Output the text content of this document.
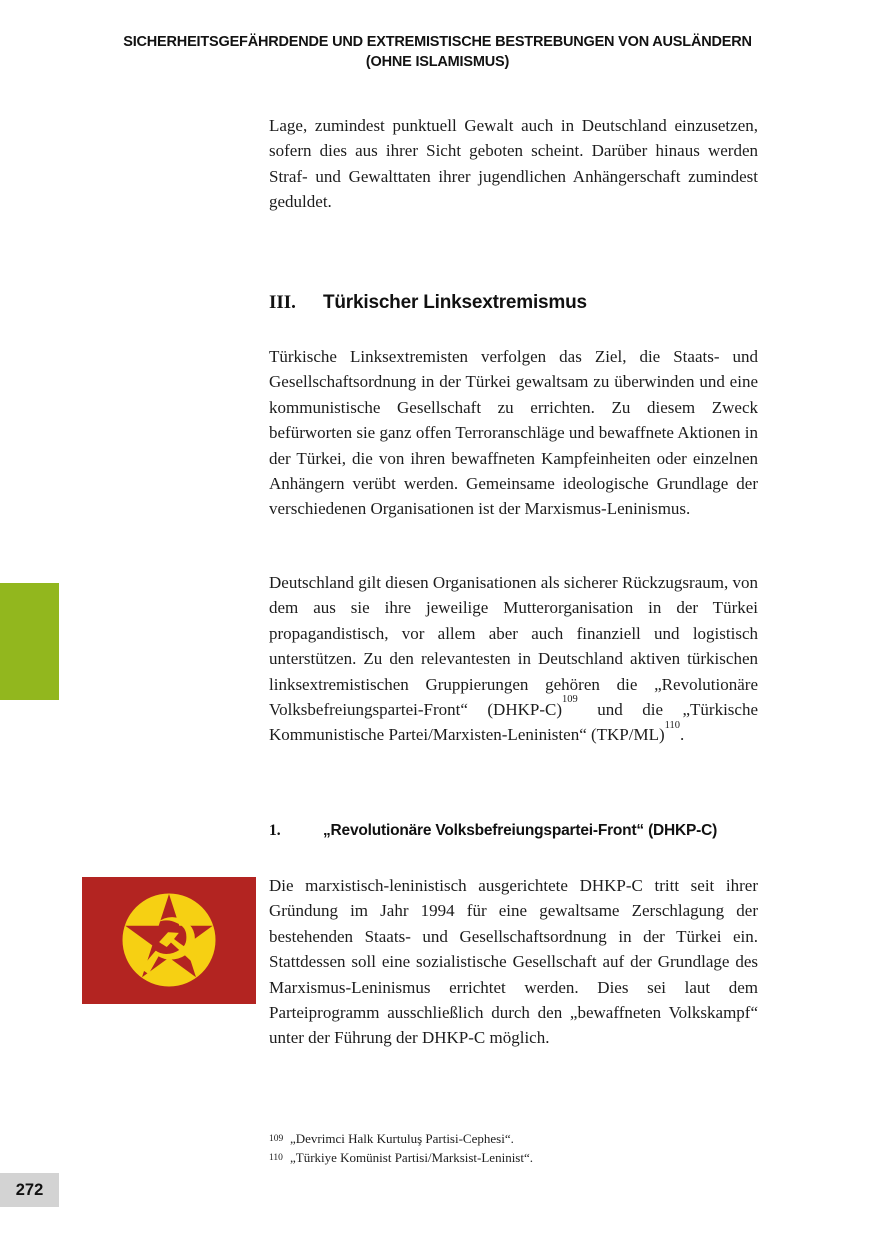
SICHERHEITSGEFÄHRDENDE UND EXTREMISTISCHE BESTREBUNGEN VON AUSLÄNDERN
(OHNE ISLAMISMUS)

Lage, zumindest punktuell Gewalt auch in Deutschland einzusetzen, sofern dies aus ihrer Sicht geboten scheint. Darüber hinaus werden Straf- und Gewalttaten ihrer jugendlichen Anhängerschaft zumindest geduldet.

III.	Türkischer Linksextremismus

Türkische Linksextremisten verfolgen das Ziel, die Staats- und Gesellschaftsordnung in der Türkei gewaltsam zu überwinden und eine kommunistische Gesellschaft zu errichten. Zu diesem Zweck befürworten sie ganz offen Terroranschläge und bewaffnete Aktionen in der Türkei, die von ihren bewaffneten Kampfeinheiten oder einzelnen Anhängern verübt werden. Gemeinsame ideologische Grundlage der verschiedenen Organisationen ist der Marxismus-Leninismus.

Deutschland gilt diesen Organisationen als sicherer Rückzugsraum, von dem aus sie ihre jeweilige Mutterorganisation in der Türkei propagandistisch, vor allem aber auch finanziell und logistisch unterstützen. Zu den relevantesten in Deutschland aktiven türkischen linksextremistischen Gruppierungen gehören die „Revolutionäre Volksbefreiungspartei-Front“ (DHKP-C)$^{109}$ und die „Türkische Kommunistische Partei/Marxisten-Leninisten“ (TKP/ML)$^{110}$.

1.	„Revolutionäre Volksbefreiungspartei-Front“ (DHKP-C)
☭

Die marxistisch-leninistisch ausgerichtete DHKP-C tritt seit ihrer Gründung im Jahr 1994 für eine gewaltsame Zerschlagung der bestehenden Staats- und Gesellschaftsordnung in der Türkei ein. Stattdessen soll eine sozialistische Gesellschaft auf der Grundlage des Marxismus-Leninismus errichtet werden. Dies sei laut dem Parteiprogramm ausschließlich durch den „bewaffneten Volkskampf“ unter der Führung der DHKP-C möglich.

109 „Devrimci Halk Kurtuluş Partisi-Cephesi“.
110 „Türkiye Komünist Partisi/Marksist-Leninist“.
272
